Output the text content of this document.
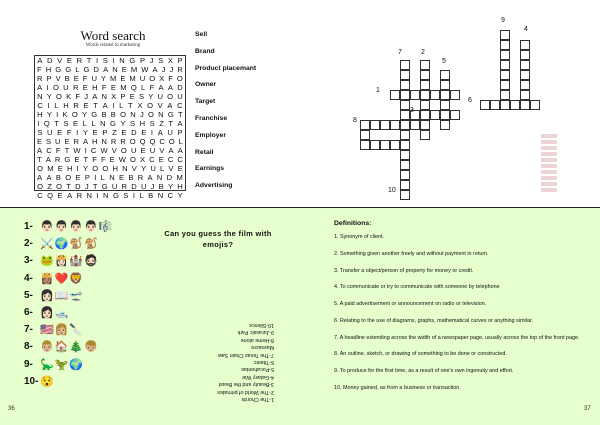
Word search
Words related to marketing
A D V E R T I S I N G P J S X P
F H G G L G D A N E M W A J J R
R P V B E F U Y M E M U O X F O
A I O U R E H F E M Q L F A A D
N Y O K F J A N X P E S Y U O U
C I L H R E T A I L T X O V A C
H Y I K O Y G B B O N J O N G T
I Q T S E L L N G Y S H S Z T A
S U E F I Y E P Z E D E I A U P
E S U E R A H N R R O Q Q C O L
A C F T W I C W V O U E U V A A
T A R G E T F F E W O X C E C C
O M E H I Y O O H N V Y U L V E
A A B O E P I L N E B R A N D M
O Z O T D J T G U R D U J B Y H
C Q E A R N I N G S I L B N C Y
Sell
Brand
Product placemant
Owner
Target
Franchise
Employer
Retail
Earnings
Advertising
9
4
7	2
5
1
6
3
8
10
1- 👨🏻👨🏻👨🏻👨🏻🎼
2- ⚔️🌍🐒🐒
3- 🐸👸🏻🏰🧔🏻
4- 👸🏽❤️🦁
5- 👩🏻📖🛫
6- 👩🏻🛥️
7- 🇺🇸👩🏼🔪
8- 👨🏼🏠🎄👦🏼
9- 🦕🦖🌍
10- 😯
Can you guess the film with emojis?
1-The Chords
2-The World of primates
3-Beauty and the Beast
4-Galaxy War
5-Pocahontas
6-Titanic
7-The Texas Chain Saw
Massacre
8-Home alone
9-Jurassic Park
10-Silence
Definitions:
1. Synonym of client.
2. Something given another freely and without payment in return.
3. Transfer a object/person of property for money or credit.
4. To communicate or try to communicate with someone by telephone
5. A paid advertisement or announcement on radio or television.
6. Relating to the use of diagrams, graphs, mathematical curves or anything similar.
7. A headline extending across the width of a newspaper page, usually across the top of the front page.
8. An outline, sketch, or drawing of something to be done or constructed.
9. To produce for the first time, as a result of one's own ingenuity and effort.
10. Money gained, as from a business or transaction.
36	37
